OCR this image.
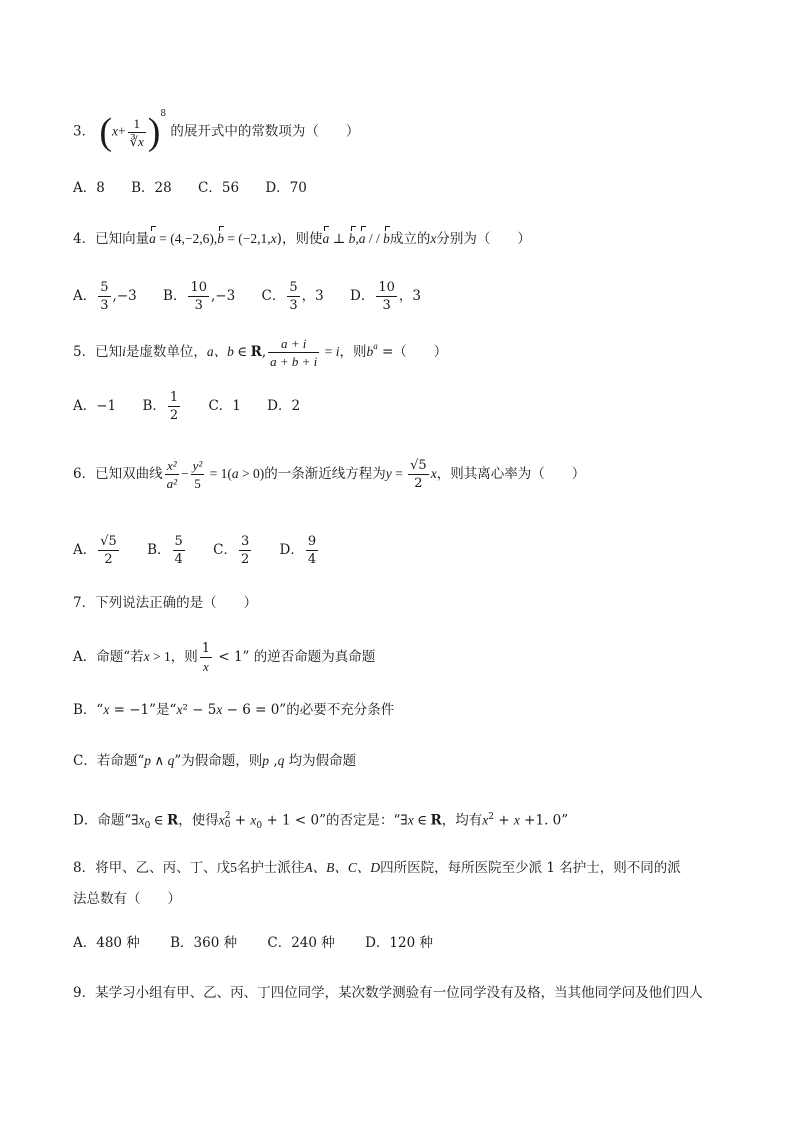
3． $(x+ \frac{1}{∛x} )^8$ 的展开式中的常数项为（　　）
A．8 B．28 C．56 D．70
4．已知向量a = (4,−2,6),b = (−2,1,x)，则使a ⊥ b,a / / b成立的x分别为（　　）
A． $\frac{5}{3} ,-3$ B． $\frac{10}{3} ,-3$ C． $\frac{5}{3}$ ，3 D． $\frac{10}{3}$ ，3
5．已知i是虚数单位，a、b ∈ R, $\frac{a + i}{a + b + i} = i$，则$b^a$ =（　　）
A．−1 B． $\frac{1}{2}$ C．1 D．2
6．已知双曲线 $\frac{\text{x²}}{\text{a²}} - \frac{\text{y²}}{5} = 1(a > 0)$的一条渐近线方程为$y = \frac{√5}{2}$ x，则其离心率为（　　）
A． $\frac{√5}{2}$ B． $\frac{5}{4}$ C． $\frac{3}{2}$ D． $\frac{9}{4}$
7．下列说法正确的是（　　）
A．命题“若x > 1，则 $\frac{1}{x} < 1$” 的逆否命题为真命题
B．“x = −1”是“x² − 5x − 6 = 0”的必要不充分条件
C．若命题“p ∧ q”为假命题，则p ,q 均为假命题
D．命题“$\exists x_0$ ∈ R，使得x 2
$0 + x_0 + 1 < 0$”的否定是：“∃x ∈ R，均有$x^2 + x +1$. 0”
8．将甲、乙、丙、丁、戊5名护士派往A、B、C、D四所医院，每所医院至少派 1 名护士，则不同的派
法总数有（　　）
A．480 种 B．360 种 C．240 种 D．120 种
9．某学习小组有甲、乙、丙、丁四位同学，某次数学测验有一位同学没有及格，当其他同学问及他们四人
